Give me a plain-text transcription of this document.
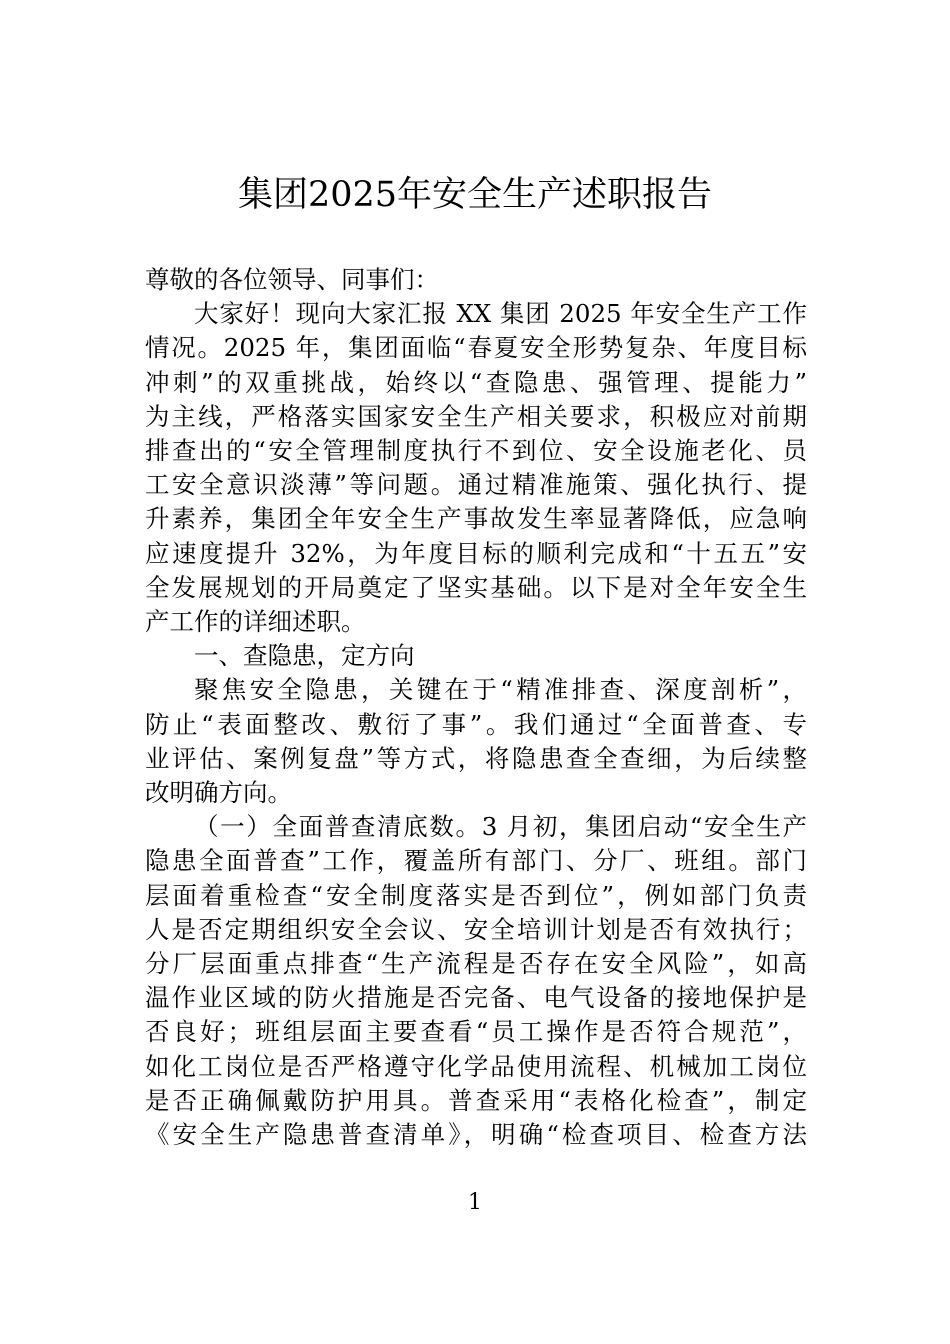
集团2025年安全生产述职报告

尊敬的各位领导、同事们：

大家好！现向大家汇报 XX 集团 2025 年安全生产工作
情况。2025 年，集团面临“春夏安全形势复杂、年度目标
冲刺”的双重挑战，始终以“查隐患、强管理、提能力”
为主线，严格落实国家安全生产相关要求，积极应对前期
排查出的“安全管理制度执行不到位、安全设施老化、员
工安全意识淡薄”等问题。通过精准施策、强化执行、提
升素养，集团全年安全生产事故发生率显著降低，应急响
应速度提升 32%，为年度目标的顺利完成和“十五五”安
全发展规划的开局奠定了坚实基础。以下是对全年安全生
产工作的详细述职。

一、查隐患，定方向

聚焦安全隐患，关键在于“精准排查、深度剖析”，
防止“表面整改、敷衍了事”。我们通过“全面普查、专
业评估、案例复盘”等方式，将隐患查全查细，为后续整
改明确方向。

（一）全面普查清底数。3 月初，集团启动“安全生产
隐患全面普查”工作，覆盖所有部门、分厂、班组。部门
层面着重检查“安全制度落实是否到位”，例如部门负责
人是否定期组织安全会议、安全培训计划是否有效执行；
分厂层面重点排查“生产流程是否存在安全风险”，如高
温作业区域的防火措施是否完备、电气设备的接地保护是
否良好；班组层面主要查看“员工操作是否符合规范”，
如化工岗位是否严格遵守化学品使用流程、机械加工岗位
是否正确佩戴防护用具。普查采用“表格化检查”，制定
《安全生产隐患普查清单》，明确“检查项目、检查方法

1
